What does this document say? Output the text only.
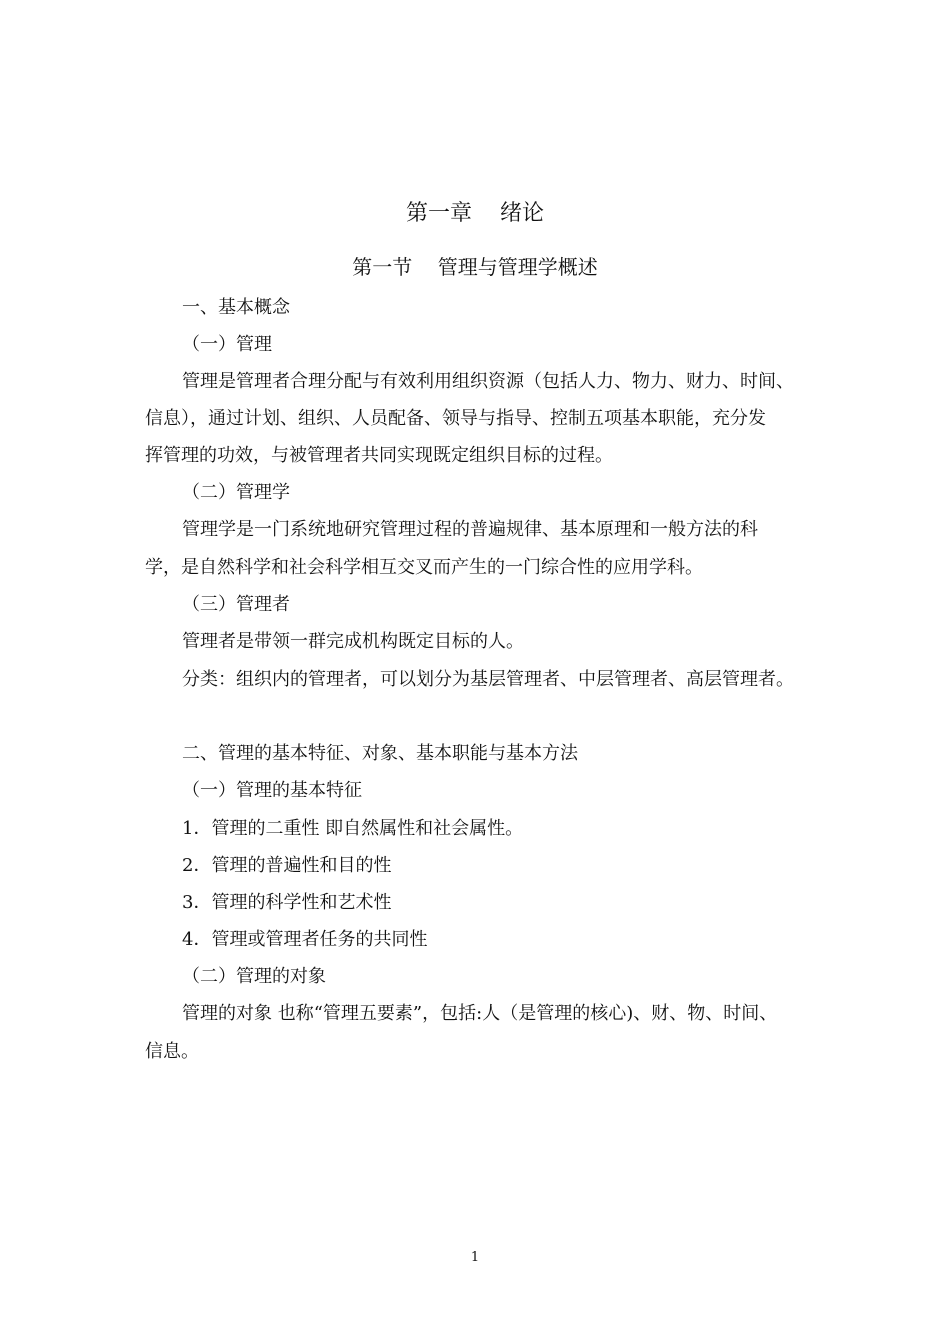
第一章    绪论
第一节    管理与管理学概述
一、基本概念
（一）管理
管理是管理者合理分配与有效利用组织资源（包括人力、物力、财力、时间、
信息），通过计划、组织、人员配备、领导与指导、控制五项基本职能，充分发
挥管理的功效，与被管理者共同实现既定组织目标的过程。
（二）管理学
管理学是一门系统地研究管理过程的普遍规律、基本原理和一般方法的科
学，是自然科学和社会科学相互交叉而产生的一门综合性的应用学科。
（三）管理者
管理者是带领一群完成机构既定目标的人。
分类：组织内的管理者，可以划分为基层管理者、中层管理者、高层管理者。
二、管理的基本特征、对象、基本职能与基本方法
（一）管理的基本特征
1．管理的二重性 即自然属性和社会属性。
2．管理的普遍性和目的性
3．管理的科学性和艺术性
4．管理或管理者任务的共同性
（二）管理的对象
管理的对象 也称“管理五要素”，包括:人（是管理的核心)、财、物、时间、
信息。
1
